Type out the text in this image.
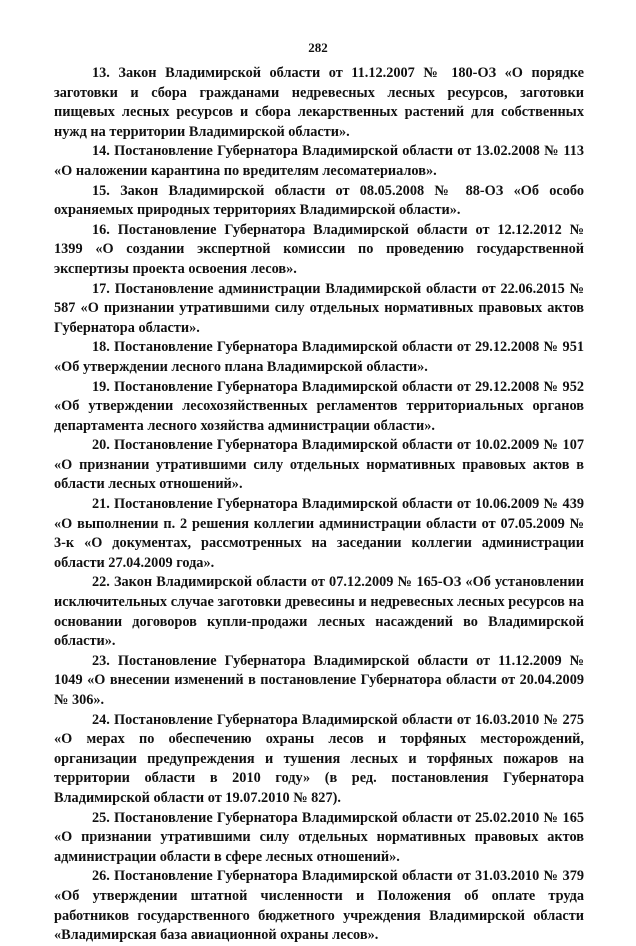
282

13. Закон Владимирской области от 11.12.2007 № 180-ОЗ «О порядке заготовки и сбора гражданами недревесных лесных ресурсов, заготовки пищевых лесных ресурсов и сбора лекарственных растений для собственных нужд на территории Владимирской области».

14. Постановление Губернатора Владимирской области от 13.02.2008 № 113 «О наложении карантина по вредителям лесоматериалов».

15. Закон Владимирской области от 08.05.2008 № 88-ОЗ «Об особо охраняемых природных территориях Владимирской области».

16. Постановление Губернатора Владимирской области от 12.12.2012 № 1399 «О создании экспертной комиссии по проведению государственной экспертизы проекта освоения лесов».

17. Постановление администрации Владимирской области от 22.06.2015 № 587 «О признании утратившими силу отдельных нормативных правовых актов Губернатора области».

18. Постановление Губернатора Владимирской области от 29.12.2008 № 951 «Об утверждении лесного плана Владимирской области».

19. Постановление Губернатора Владимирской области от 29.12.2008 № 952 «Об утверждении лесохозяйственных регламентов территориальных органов департамента лесного хозяйства администрации области».

20. Постановление Губернатора Владимирской области от 10.02.2009 № 107 «О признании утратившими силу отдельных нормативных правовых актов в области лесных отношений».

21. Постановление Губернатора Владимирской области от 10.06.2009 № 439 «О выполнении п. 2 решения коллегии администрации области от 07.05.2009 № 3-к «О документах, рассмотренных на заседании коллегии администрации области 27.04.2009 года».

22. Закон Владимирской области от 07.12.2009 № 165-ОЗ «Об установлении исключительных случае заготовки древесины и недревесных лесных ресурсов на основании договоров купли-продажи лесных насаждений во Владимирской области».

23. Постановление Губернатора Владимирской области от 11.12.2009 № 1049 «О внесении изменений в постановление Губернатора области от 20.04.2009 № 306».

24. Постановление Губернатора Владимирской области от 16.03.2010 № 275 «О мерах по обеспечению охраны лесов и торфяных месторождений, организации предупреждения и тушения лесных и торфяных пожаров на территории области в 2010 году» (в ред. постановления Губернатора Владимирской области от 19.07.2010 № 827).

25. Постановление Губернатора Владимирской области от 25.02.2010 № 165 «О признании утратившими силу отдельных нормативных правовых актов администрации области в сфере лесных отношений».

26. Постановление Губернатора Владимирской области от 31.03.2010 № 379 «Об утверждении штатной численности и Положения об оплате труда работников государственного бюджетного учреждения Владимирской области «Владимирская база авиационной охраны лесов».
